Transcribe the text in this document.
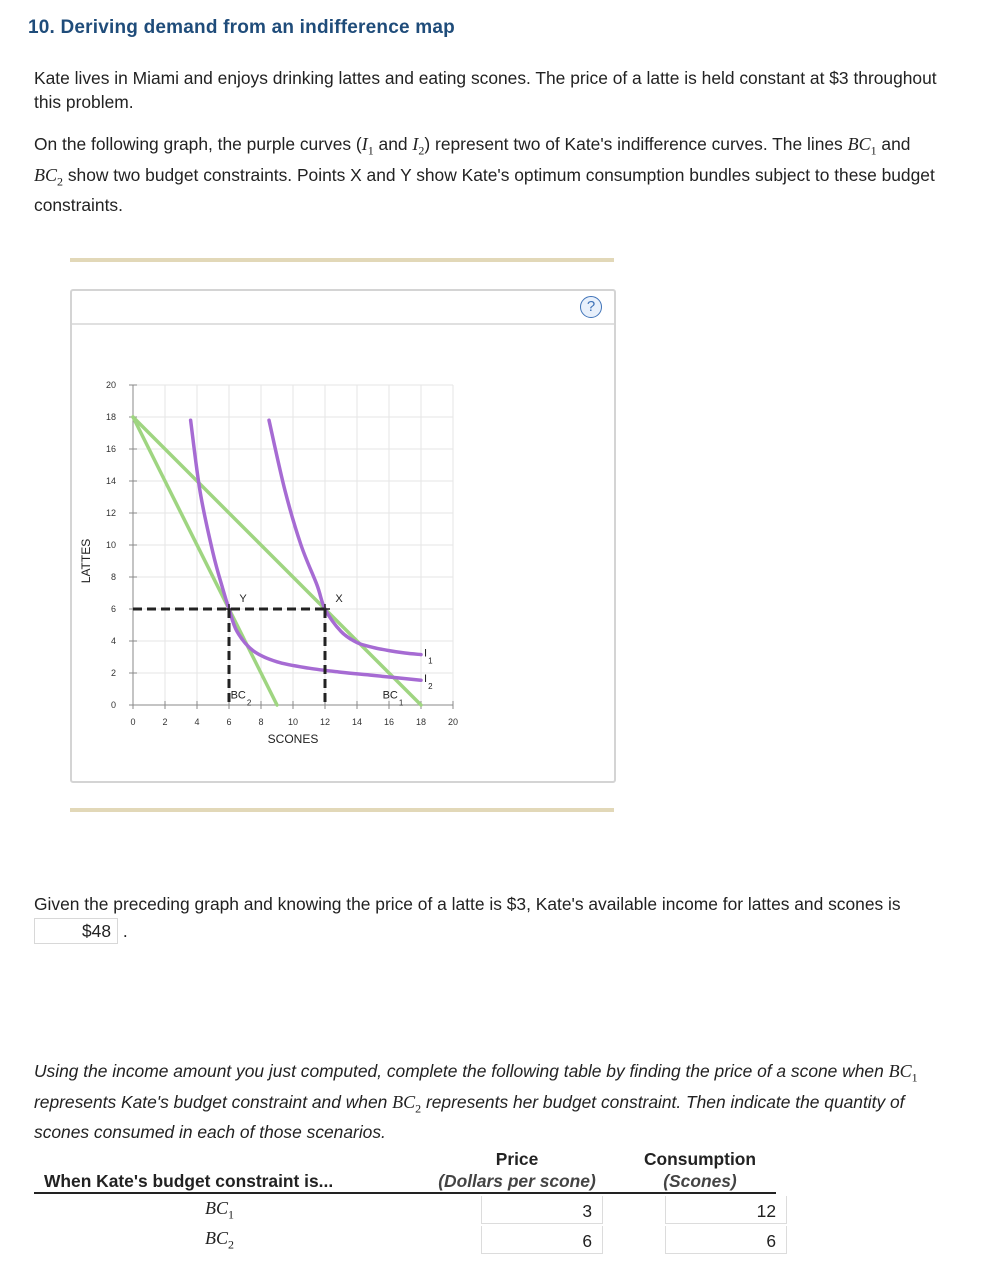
10. Deriving demand from an indifference map
Kate lives in Miami and enjoys drinking lattes and eating scones. The price of a latte is held constant at $3 throughout this problem.
On the following graph, the purple curves ($I_1$ and $I_2$) represent two of Kate's indifference curves. The lines $BC_1$ and $BC_2$ show two budget constraints. Points X and Y show Kate's optimum consumption bundles subject to these budget constraints.
?
0	2	4	6	8	10 12 14 16 18 20
0
2
4
6
8
10
12
14
16
18
20
SCONES
LATTES
Y	X
$I_1$
$I_2$
$BC_1$
$BC_2$
Given the preceding graph and knowing the price of a latte is $3, Kate's available income for lattes and scones is $48 .
Using the income amount you just computed, complete the following table by finding the price of a scone when $BC_1$ represents Kate's budget constraint and when $BC_2$ represents her budget constraint. Then indicate the quantity of scones consumed in each of those scenarios.
Price
(Dollars per scone)
Consumption
(Scones)
When Kate's budget constraint is...
$BC_1$	3	12
$BC_2$	6	6
